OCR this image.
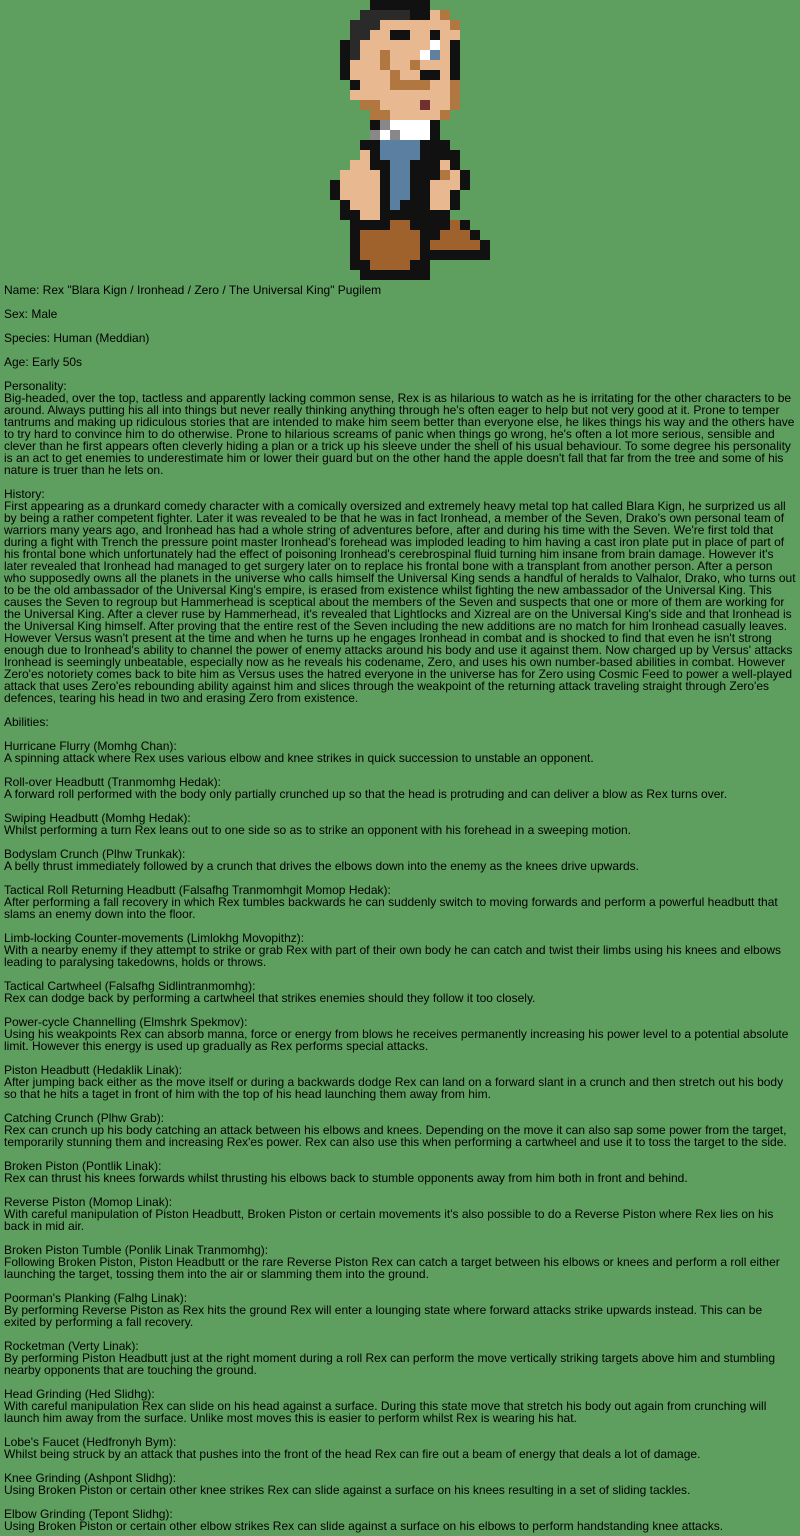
Name: Rex "Blara Kign / Ironhead / Zero / The Universal King" Pugilem
Sex: Male
Species: Human (Meddian)
Age: Early 50s
Personality:
Big-headed, over the top, tactless and apparently lacking common sense, Rex is as hilarious to watch as he is irritating for the other characters to be around. Always putting his all into things but never really thinking anything through he's often eager to help but not very good at it. Prone to temper tantrums and making up ridiculous stories that are intended to make him seem better than everyone else, he likes things his way and the others have to try hard to convince him to do otherwise. Prone to hilarious screams of panic when things go wrong, he's often a lot more serious, sensible and clever than he first appears often cleverly hiding a plan or a trick up his sleeve under the shell of his usual behaviour. To some degree his personality is an act to get enemies to underestimate him or lower their guard but on the other hand the apple doesn't fall that far from the tree and some of his nature is truer than he lets on.
History:
First appearing as a drunkard comedy character with a comically oversized and extremely heavy metal top hat called Blara Kign, he surprized us all by being a rather competent fighter. Later it was revealed to be that he was in fact Ironhead, a member of the Seven, Drako's own personal team of warriors many years ago, and Ironhead has had a whole string of adventures before, after and during his time with the Seven. We're first told that during a fight with Trench the pressure point master Ironhead's forehead was imploded leading to him having a cast iron plate put in place of part of his frontal bone which unfortunately had the effect of poisoning Ironhead's cerebrospinal fluid turning him insane from brain damage. However it's later revealed that Ironhead had managed to get surgery later on to replace his frontal bone with a transplant from another person. After a person who supposedly owns all the planets in the universe who calls himself the Universal King sends a handful of heralds to Valhalor, Drako, who turns out to be the old ambassador of the Universal King's empire, is erased from existence whilst fighting the new ambassador of the Universal King. This causes the Seven to regroup but Hammerhead is sceptical about the members of the Seven and suspects that one or more of them are working for the Universal King. After a clever ruse by Hammerhead, it's revealed that Lightlocks and Xizreal are on the Universal King's side and that Ironhead is the Universal King himself. After proving that the entire rest of the Seven including the new additions are no match for him Ironhead casually leaves. However Versus wasn't present at the time and when he turns up he engages Ironhead in combat and is shocked to find that even he isn't strong enough due to Ironhead's ability to channel the power of enemy attacks around his body and use it against them. Now charged up by Versus' attacks Ironhead is seemingly unbeatable, especially now as he reveals his codename, Zero, and uses his own number-based abilities in combat. However Zero'es notoriety comes back to bite him as Versus uses the hatred everyone in the universe has for Zero using Cosmic Feed to power a well-played attack that uses Zero'es rebounding ability against him and slices through the weakpoint of the returning attack traveling straight through Zero'es defences, tearing his head in two and erasing Zero from existence.
Abilities:
Hurricane Flurry (Momhg Chan):
A spinning attack where Rex uses various elbow and knee strikes in quick succession to unstable an opponent.
Roll-over Headbutt (Tranmomhg Hedak):
A forward roll performed with the body only partially crunched up so that the head is protruding and can deliver a blow as Rex turns over.
Swiping Headbutt (Momhg Hedak):
Whilst performing a turn Rex leans out to one side so as to strike an opponent with his forehead in a sweeping motion.
Bodyslam Crunch (Plhw Trunkak):
A belly thrust immediately followed by a crunch that drives the elbows down into the enemy as the knees drive upwards.
Tactical Roll Returning Headbutt (Falsafhg Tranmomhgit Momop Hedak):
After performing a fall recovery in which Rex tumbles backwards he can suddenly switch to moving forwards and perform a powerful headbutt that slams an enemy down into the floor.
Limb-locking Counter-movements (Limlokhg Movopithz):
With a nearby enemy if they attempt to strike or grab Rex with part of their own body he can catch and twist their limbs using his knees and elbows leading to paralysing takedowns, holds or throws.
Tactical Cartwheel (Falsafhg Sidlintranmomhg):
Rex can dodge back by performing a cartwheel that strikes enemies should they follow it too closely.
Power-cycle Channelling (Elmshrk Spekmov):
Using his weakpoints Rex can absorb manna, force or energy from blows he receives permanently increasing his power level to a potential absolute limit. However this energy is used up gradually as Rex performs special attacks.
Piston Headbutt (Hedaklik Linak):
After jumping back either as the move itself or during a backwards dodge Rex can land on a forward slant in a crunch and then stretch out his body so that he hits a taget in front of him with the top of his head launching them away from him.
Catching Crunch (Plhw Grab):
Rex can crunch up his body catching an attack between his elbows and knees. Depending on the move it can also sap some power from the target, temporarily stunning them and increasing Rex'es power. Rex can also use this when performing a cartwheel and use it to toss the target to the side.
Broken Piston (Pontlik Linak):
Rex can thrust his knees forwards whilst thrusting his elbows back to stumble opponents away from him both in front and behind.
Reverse Piston (Momop Linak):
With careful manipulation of Piston Headbutt, Broken Piston or certain movements it's also possible to do a Reverse Piston where Rex lies on his back in mid air.
Broken Piston Tumble (Ponlik Linak Tranmomhg):
Following Broken Piston, Piston Headbutt or the rare Reverse Piston Rex can catch a target between his elbows or knees and perform a roll either launching the target, tossing them into the air or slamming them into the ground.
Poorman's Planking (Falhg Linak):
By performing Reverse Piston as Rex hits the ground Rex will enter a lounging state where forward attacks strike upwards instead. This can be exited by performing a fall recovery.
Rocketman (Verty Linak):
By performing Piston Headbutt just at the right moment during a roll Rex can perform the move vertically striking targets above him and stumbling nearby opponents that are touching the ground.
Head Grinding (Hed Slidhg):
With careful manipulation Rex can slide on his head against a surface. During this state move that stretch his body out again from crunching will launch him away from the surface. Unlike most moves this is easier to perform whilst Rex is wearing his hat.
Lobe's Faucet (Hedfronyh Bym):
Whilst being struck by an attack that pushes into the front of the head Rex can fire out a beam of energy that deals a lot of damage.
Knee Grinding (Ashpont Slidhg):
Using Broken Piston or certain other knee strikes Rex can slide against a surface on his knees resulting in a set of sliding tackles.
Elbow Grinding (Tepont Slidhg):
Using Broken Piston or certain other elbow strikes Rex can slide against a surface on his elbows to perform handstanding knee attacks.
